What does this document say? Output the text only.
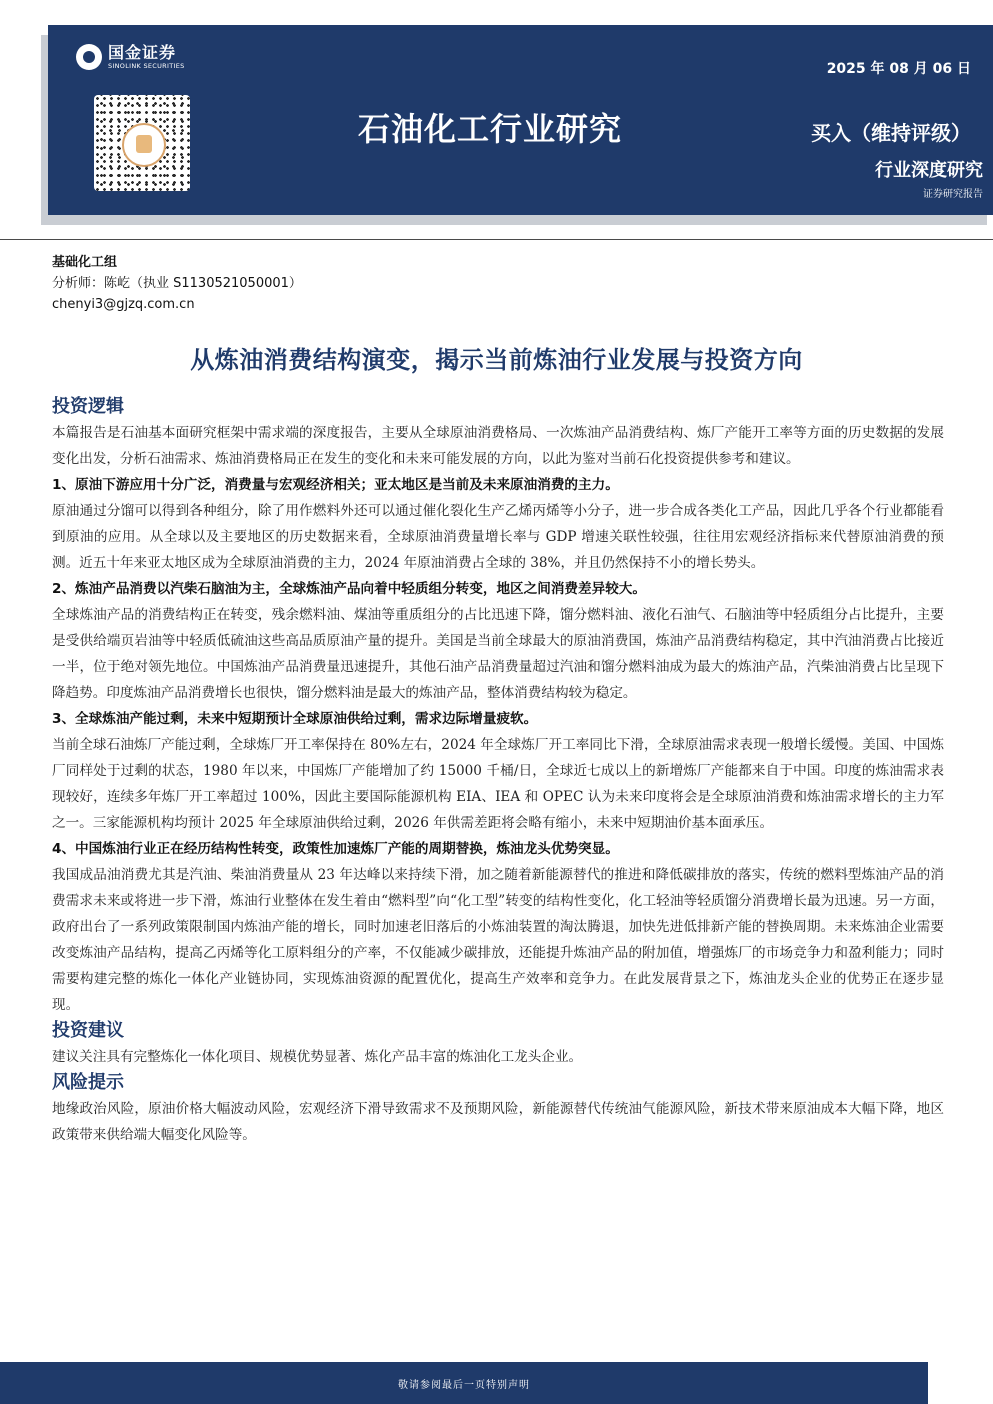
国金证券
SINOLINK SECURITIES
石油化工行业研究
2025 年 08 月 06 日
买入（维持评级）
行业深度研究
证券研究报告
基础化工组
分析师：陈屹（执业 S1130521050001）
chenyi3@gjzq.com.cn
从炼油消费结构演变，揭示当前炼油行业发展与投资方向
投资逻辑

本篇报告是石油基本面研究框架中需求端的深度报告，主要从全球原油消费格局、一次炼油产品消费结构、炼厂产能开工率等方面的历史数据的发展变化出发，分析石油需求、炼油消费格局正在发生的变化和未来可能发展的方向，以此为鉴对当前石化投资提供参考和建议。

1、原油下游应用十分广泛，消费量与宏观经济相关；亚太地区是当前及未来原油消费的主力。

原油通过分馏可以得到各种组分，除了用作燃料外还可以通过催化裂化生产乙烯丙烯等小分子，进一步合成各类化工产品，因此几乎各个行业都能看到原油的应用。从全球以及主要地区的历史数据来看，全球原油消费量增长率与 GDP 增速关联性较强，往往用宏观经济指标来代替原油消费的预测。近五十年来亚太地区成为全球原油消费的主力，2024 年原油消费占全球的 38%，并且仍然保持不小的增长势头。

2、炼油产品消费以汽柴石脑油为主，全球炼油产品向着中轻质组分转变，地区之间消费差异较大。

全球炼油产品的消费结构正在转变，残余燃料油、煤油等重质组分的占比迅速下降，馏分燃料油、液化石油气、石脑油等中轻质组分占比提升，主要是受供给端页岩油等中轻质低硫油这些高品质原油产量的提升。美国是当前全球最大的原油消费国，炼油产品消费结构稳定，其中汽油消费占比接近一半，位于绝对领先地位。中国炼油产品消费量迅速提升，其他石油产品消费量超过汽油和馏分燃料油成为最大的炼油产品，汽柴油消费占比呈现下降趋势。印度炼油产品消费增长也很快，馏分燃料油是最大的炼油产品，整体消费结构较为稳定。

3、全球炼油产能过剩，未来中短期预计全球原油供给过剩，需求边际增量疲软。

当前全球石油炼厂产能过剩，全球炼厂开工率保持在 80%左右，2024 年全球炼厂开工率同比下滑，全球原油需求表现一般增长缓慢。美国、中国炼厂同样处于过剩的状态，1980 年以来，中国炼厂产能增加了约 15000 千桶/日，全球近七成以上的新增炼厂产能都来自于中国。印度的炼油需求表现较好，连续多年炼厂开工率超过 100%，因此主要国际能源机构 EIA、IEA 和 OPEC 认为未来印度将会是全球原油消费和炼油需求增长的主力军之一。三家能源机构均预计 2025 年全球原油供给过剩，2026 年供需差距将会略有缩小，未来中短期油价基本面承压。

4、中国炼油行业正在经历结构性转变，政策性加速炼厂产能的周期替换，炼油龙头优势突显。

我国成品油消费尤其是汽油、柴油消费量从 23 年达峰以来持续下滑，加之随着新能源替代的推进和降低碳排放的落实，传统的燃料型炼油产品的消费需求未来或将进一步下滑，炼油行业整体在发生着由“燃料型”向“化工型”转变的结构性变化，化工轻油等轻质馏分消费增长最为迅速。另一方面，政府出台了一系列政策限制国内炼油产能的增长，同时加速老旧落后的小炼油装置的淘汰腾退，加快先进低排新产能的替换周期。未来炼油企业需要改变炼油产品结构，提高乙丙烯等化工原料组分的产率，不仅能减少碳排放，还能提升炼油产品的附加值，增强炼厂的市场竞争力和盈利能力；同时需要构建完整的炼化一体化产业链协同，实现炼油资源的配置优化，提高生产效率和竞争力。在此发展背景之下，炼油龙头企业的优势正在逐步显现。

投资建议

建议关注具有完整炼化一体化项目、规模优势显著、炼化产品丰富的炼油化工龙头企业。

风险提示

地缘政治风险，原油价格大幅波动风险，宏观经济下滑导致需求不及预期风险，新能源替代传统油气能源风险，新技术带来原油成本大幅下降，地区政策带来供给端大幅变化风险等。

敬请参阅最后一页特别声明
